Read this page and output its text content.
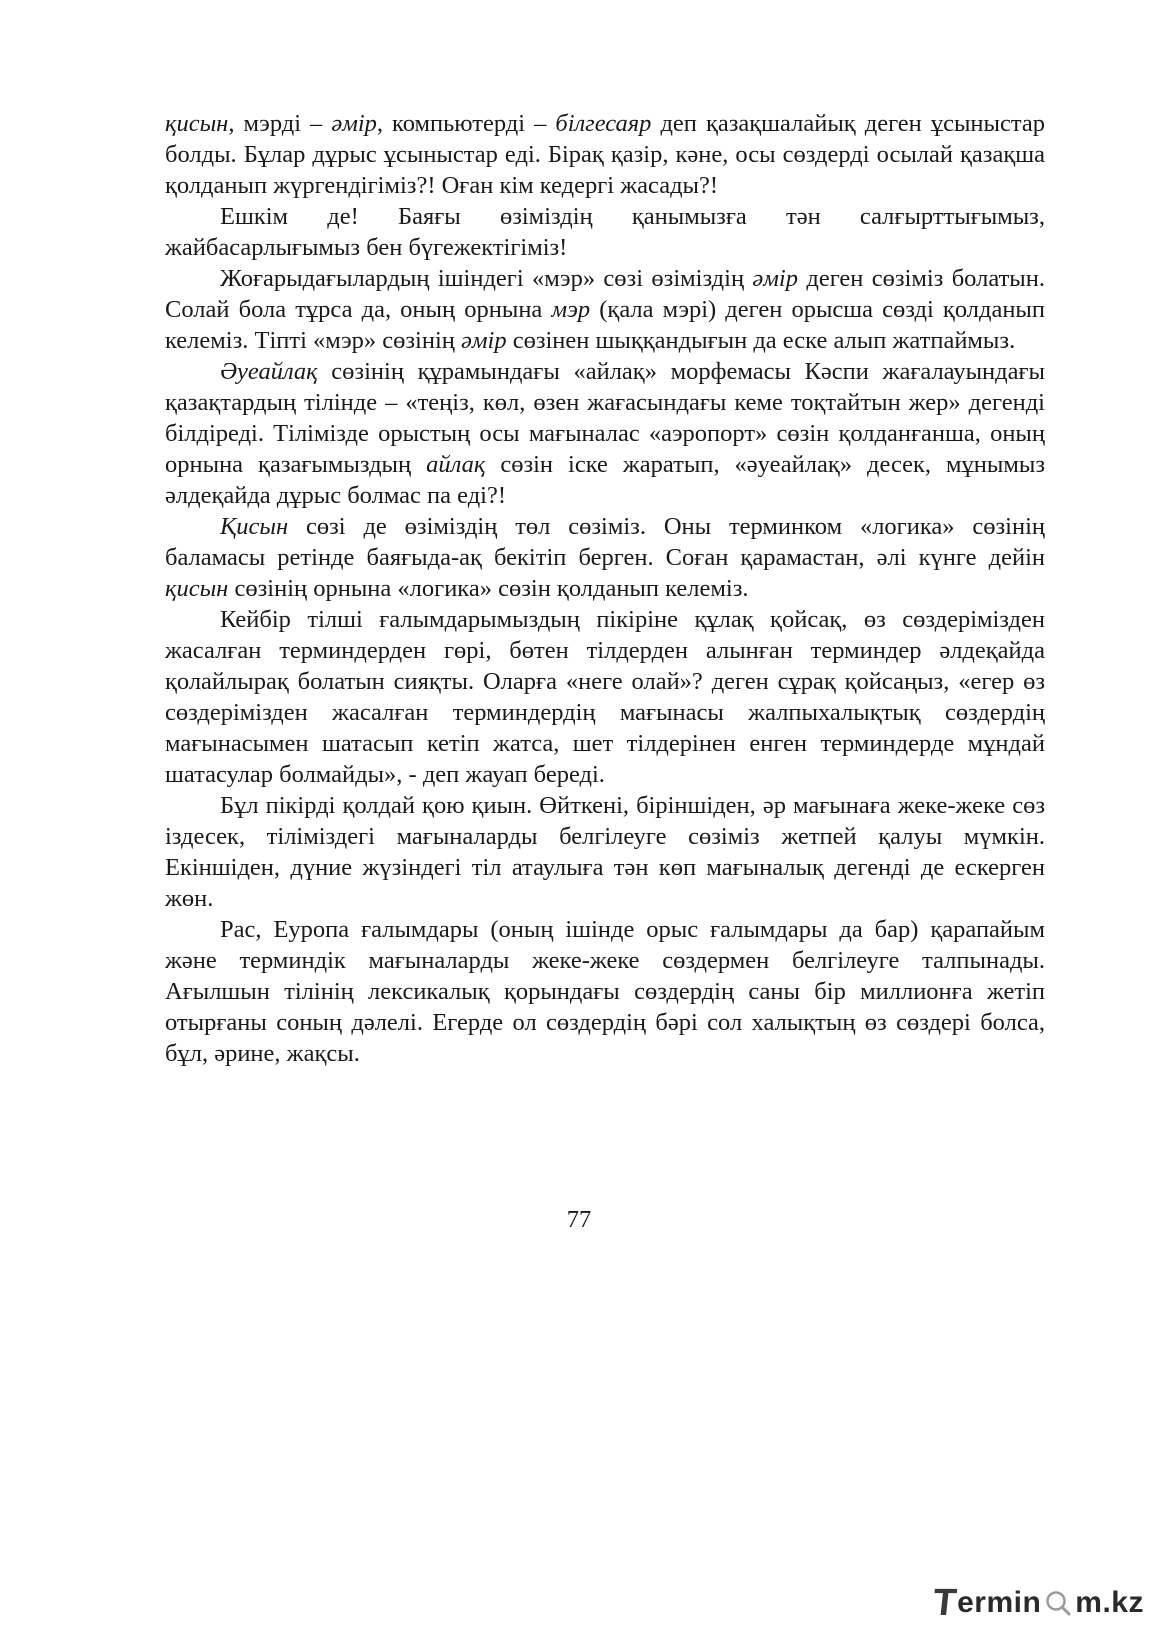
қисын, мэрді – әмір, компьютерді – білгесаяр деп қазақшалайық деген ұсыныстар болды. Бұлар дұрыс ұсыныстар еді. Бірақ қазір, кәне, осы сөздерді осылай қазақша қолданып жүргендігіміз?! Оған кім кедергі жасады?!

Ешкім де! Баяғы өзіміздің қанымызға тән салғырттығымыз, жайбасарлығымыз бен бүгежектігіміз!

Жоғарыдағылардың ішіндегі «мэр» сөзі өзіміздің әмір деген сөзіміз болатын. Солай бола тұрса да, оның орнына мэр (қала мэрі) деген орысша сөзді қолданып келеміз. Тіпті «мэр» сөзінің әмір сөзінен шыққандығын да еске алып жатпаймыз.

Әуеайлақ сөзінің құрамындағы «айлақ» морфемасы Кәспи жағалауындағы қазақтардың тілінде – «теңіз, көл, өзен жағасындағы кеме тоқтайтын жер» дегенді білдіреді. Тілімізде орыстың осы мағыналас «аэропорт» сөзін қолданғанша, оның орнына қазағымыздың айлақ сөзін іске жаратып, «әуеайлақ» десек, мұнымыз әлдеқайда дұрыс болмас па еді?!

Қисын сөзі де өзіміздің төл сөзіміз. Оны терминком «логика» сөзінің баламасы ретінде баяғыда-ақ бекітіп берген. Соған қарамастан, әлі күнге дейін қисын сөзінің орнына «логика» сөзін қолданып келеміз.

Кейбір тілші ғалымдарымыздың пікіріне құлақ қойсақ, өз сөздерімізден жасалған терминдерден гөрі, бөтен тілдерден алынған терминдер әлдеқайда қолайлырақ болатын сияқты. Оларға «неге олай»? деген сұрақ қойсаңыз, «егер өз сөздерімізден жасалған терминдердің мағынасы жалпыхалықтық сөздердің мағынасымен шатасып кетіп жатса, шет тілдерінен енген терминдерде мұндай шатасулар болмайды», - деп жауап береді.

Бұл пікірді қолдай қою қиын. Өйткені, біріншіден, әр мағынаға жеке-жеке сөз іздесек, тіліміздегі мағыналарды белгілеуге сөзіміз жетпей қалуы мүмкін. Екіншіден, дүние жүзіндегі тіл атаулыға тән көп мағыналық дегенді де ескерген жөн.

Рас, Еуропа ғалымдары (оның ішінде орыс ғалымдары да бар) қарапайым және терминдік мағыналарды жеке-жеке сөздермен белгілеуге талпынады. Ағылшын тілінің лексикалық қорындағы сөздердің саны бір миллионға жетіп отырғаны соның дәлелі. Егерде ол сөздердің бәрі сол халықтың өз сөздері болса, бұл, әрине, жақсы.

77
T
ermin m.kz
